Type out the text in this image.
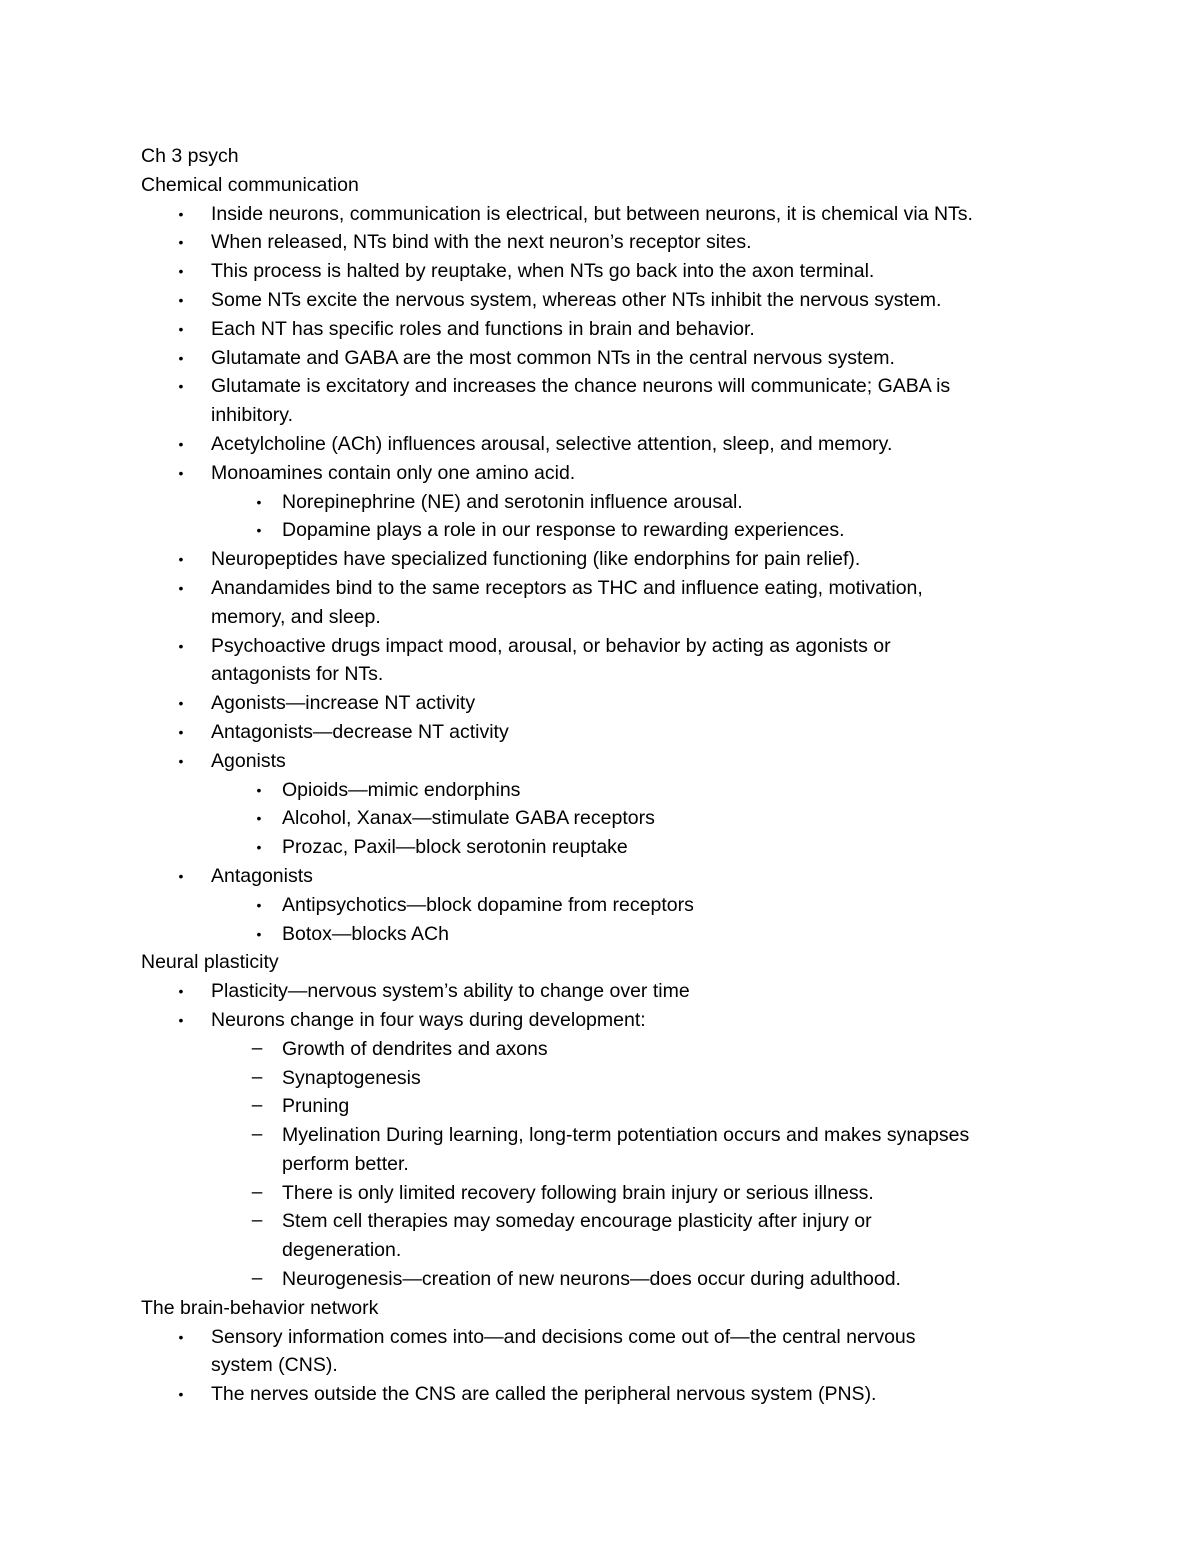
Ch 3 psych
Chemical communication
•	Inside neurons, communication is electrical, but between neurons, it is chemical via NTs.
•	When released, NTs bind with the next neuron’s receptor sites.
•	This process is halted by reuptake, when NTs go back into the axon terminal.
•	Some NTs excite the nervous system, whereas other NTs inhibit the nervous system.
•	Each NT has specific roles and functions in brain and behavior.
•	Glutamate and GABA are the most common NTs in the central nervous system.
•	Glutamate is excitatory and increases the chance neurons will communicate; GABA is
inhibitory.
•	Acetylcholine (ACh) influences arousal, selective attention, sleep, and memory.
•	Monoamines contain only one amino acid.
•	Norepinephrine (NE) and serotonin influence arousal.
•	Dopamine plays a role in our response to rewarding experiences.
•	Neuropeptides have specialized functioning (like endorphins for pain relief).
•	Anandamides bind to the same receptors as THC and influence eating, motivation,
memory, and sleep.
•	Psychoactive drugs impact mood, arousal, or behavior by acting as agonists or
antagonists for NTs.
•	Agonists—increase NT activity
•	Antagonists—decrease NT activity
•	Agonists
•	Opioids—mimic endorphins
•	Alcohol, Xanax—stimulate GABA receptors
•	Prozac, Paxil—block serotonin reuptake
•	Antagonists
•	Antipsychotics—block dopamine from receptors
•	Botox—blocks ACh
Neural plasticity
•	Plasticity—nervous system’s ability to change over time
•	Neurons change in four ways during development:
– Growth of dendrites and axons
– Synaptogenesis
– Pruning
– Myelination During learning, long-term potentiation occurs and makes synapses
perform better.
– There is only limited recovery following brain injury or serious illness.
– Stem cell therapies may someday encourage plasticity after injury or
degeneration.
– Neurogenesis—creation of new neurons—does occur during adulthood.
The brain-behavior network
•	Sensory information comes into—and decisions come out of—the central nervous
system (CNS).
•	The nerves outside the CNS are called the peripheral nervous system (PNS).
